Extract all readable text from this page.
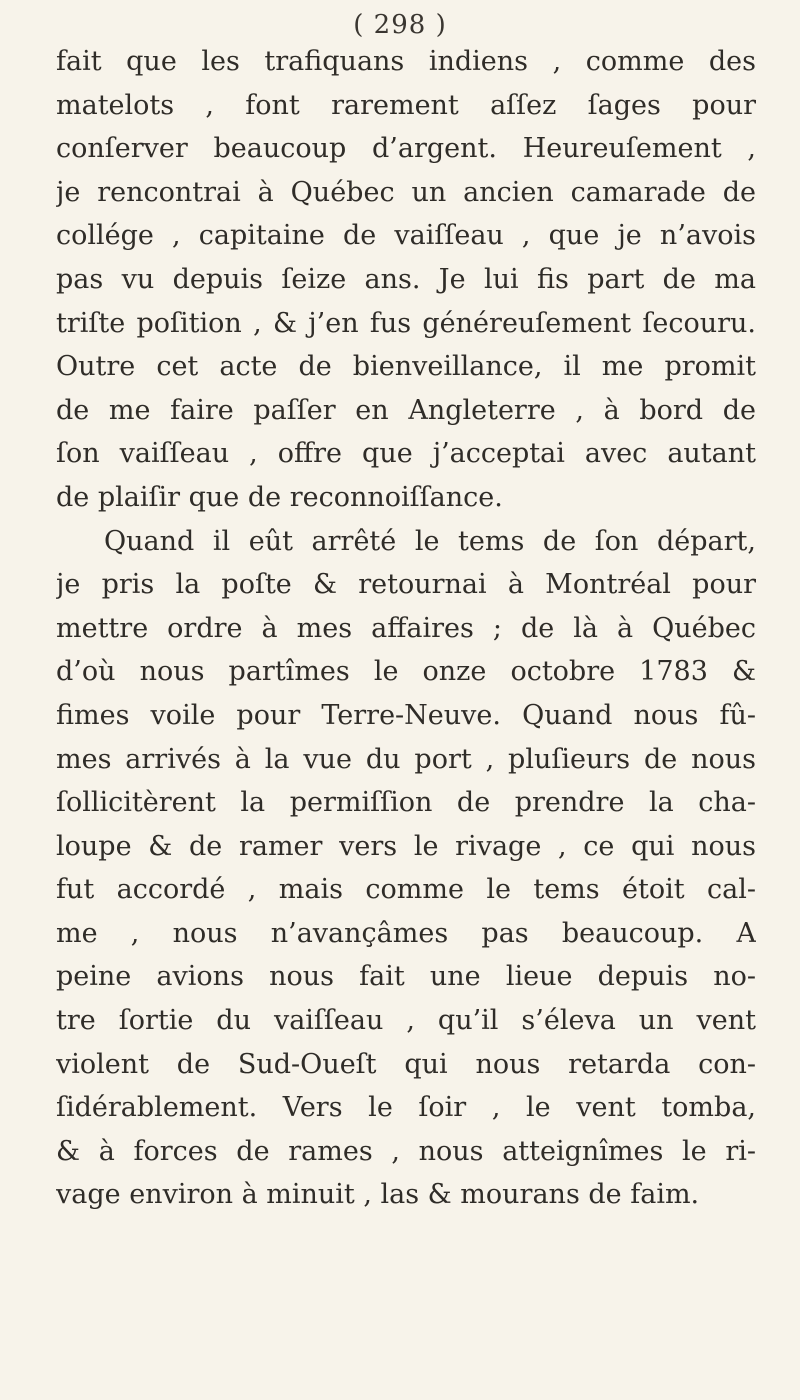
( 298 )
fait que les trafiquans indiens , comme des
matelots , font rarement aſſez ſages pour
conſerver beaucoup d’argent. Heureuſement ,
je rencontrai à Québec un ancien camarade de
collége , capitaine de vaiſſeau , que je n’avois
pas vu depuis ſeize ans. Je lui fis part de ma
triſte poſition , & j’en fus généreuſement ſecouru.
Outre cet acte de bienveillance, il me promit
de me faire paſſer en Angleterre , à bord de
ſon vaiſſeau , offre que j’acceptai avec autant
de plaiſir que de reconnoiſſance.
Quand il eût arrêté le tems de ſon départ,
je pris la poſte & retournai à Montréal pour
mettre ordre à mes affaires ; de là à Québec
d’où nous partîmes le onze octobre 1783 &
fimes voile pour Terre-Neuve. Quand nous fû-
mes arrivés à la vue du port , pluſieurs de nous
ſollicitèrent la permiſſion de prendre la cha-
loupe & de ramer vers le rivage , ce qui nous
fut accordé , mais comme le tems étoit cal-
me , nous n’avançâmes pas beaucoup. A
peine avions nous fait une lieue depuis no-
tre ſortie du vaiſſeau , qu’il s’éleva un vent
violent de Sud-Oueſt qui nous retarda con-
ſidérablement. Vers le ſoir , le vent tomba,
& à forces de rames , nous atteignîmes le ri-
vage environ à minuit , las & mourans de faim.
